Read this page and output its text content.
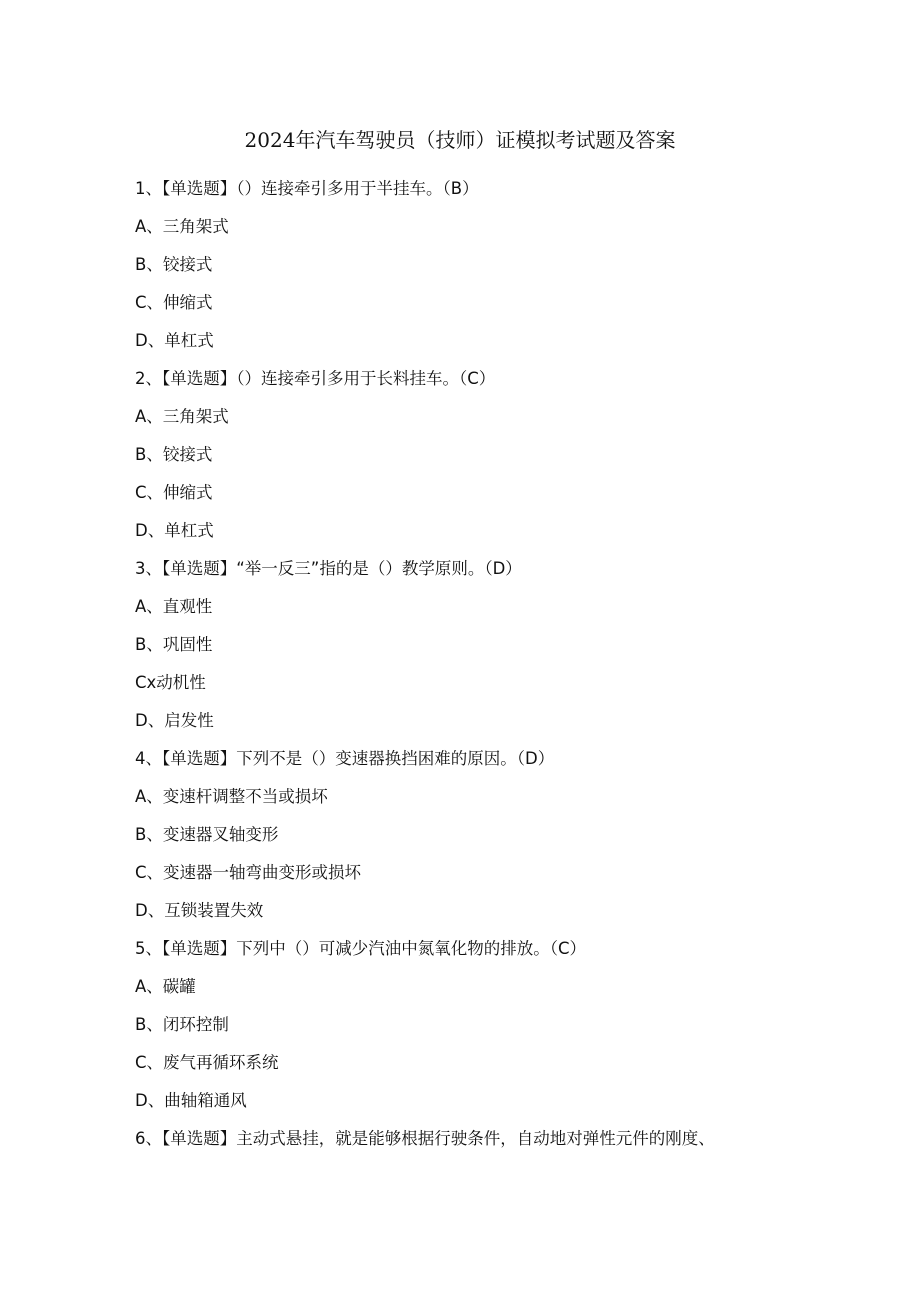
2024年汽车驾驶员（技师）证模拟考试题及答案
1、【单选题】（）连接牵引多用于半挂车。（B）
A、三角架式
B、铰接式
C、伸缩式
D、单杠式
2、【单选题】（）连接牵引多用于长料挂车。（C）
A、三角架式
B、铰接式
C、伸缩式
D、单杠式
3、【单选题】“举一反三”指的是（）教学原则。（D）
A、直观性
B、巩固性
Cx动机性
D、启发性
4、【单选题】下列不是（）变速器换挡困难的原因。（D）
A、变速杆调整不当或损坏
B、变速器叉轴变形
C、变速器一轴弯曲变形或损坏
D、互锁装置失效
5、【单选题】下列中（）可减少汽油中氮氧化物的排放。（C）
A、碳罐
B、闭环控制
C、废气再循环系统
D、曲轴箱通风
6、【单选题】主动式悬挂，就是能够根据行驶条件，自动地对弹性元件的刚度、
